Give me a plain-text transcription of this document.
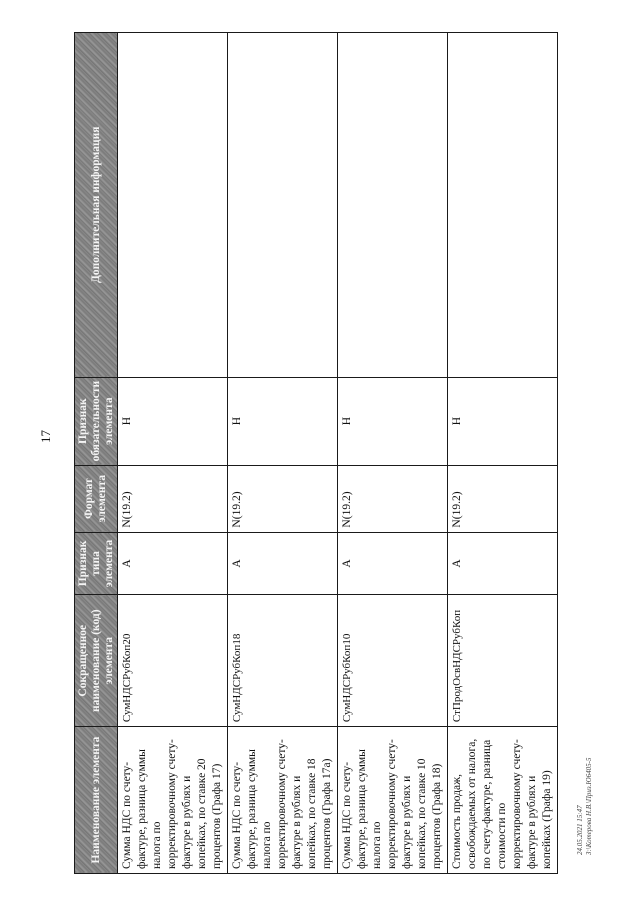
17
Наименование элемента	Сокращенное наименование (код) элемента	Признак типа элемента	Формат элемента	Признак обязательности элемента	Дополнительная информация
Сумма НДС по счету-фактуре, разница суммы налога по корректировочному счету-фактуре в рублях и копейках, по ставке 20 процентов (Графа 17)	СумНДСРубКоп20	А	N(19.2)	Н	
Сумма НДС по счету-фактуре, разница суммы налога по корректировочному счету-фактуре в рублях и копейках, по ставке 18 процентов (Графа 17а)	СумНДСРубКоп18	А	N(19.2)	Н	
Сумма НДС по счету-фактуре, разница суммы налога по корректировочному счету-фактуре в рублях и копейках, по ставке 10 процентов (Графа 18)	СумНДСРубКоп10	А	N(19.2)	Н	
Стоимость продаж, освобождаемых от налога, по счету-фактуре, разница стоимости по корректировочному счету-фактуре в рублях и копейках (Графа 19)	СтПродОсвНДСРубКоп	А	N(19.2)	Н	
24.05.2021 15:47 З:\Котерова Н.В.\Приз.Ю6405-5
